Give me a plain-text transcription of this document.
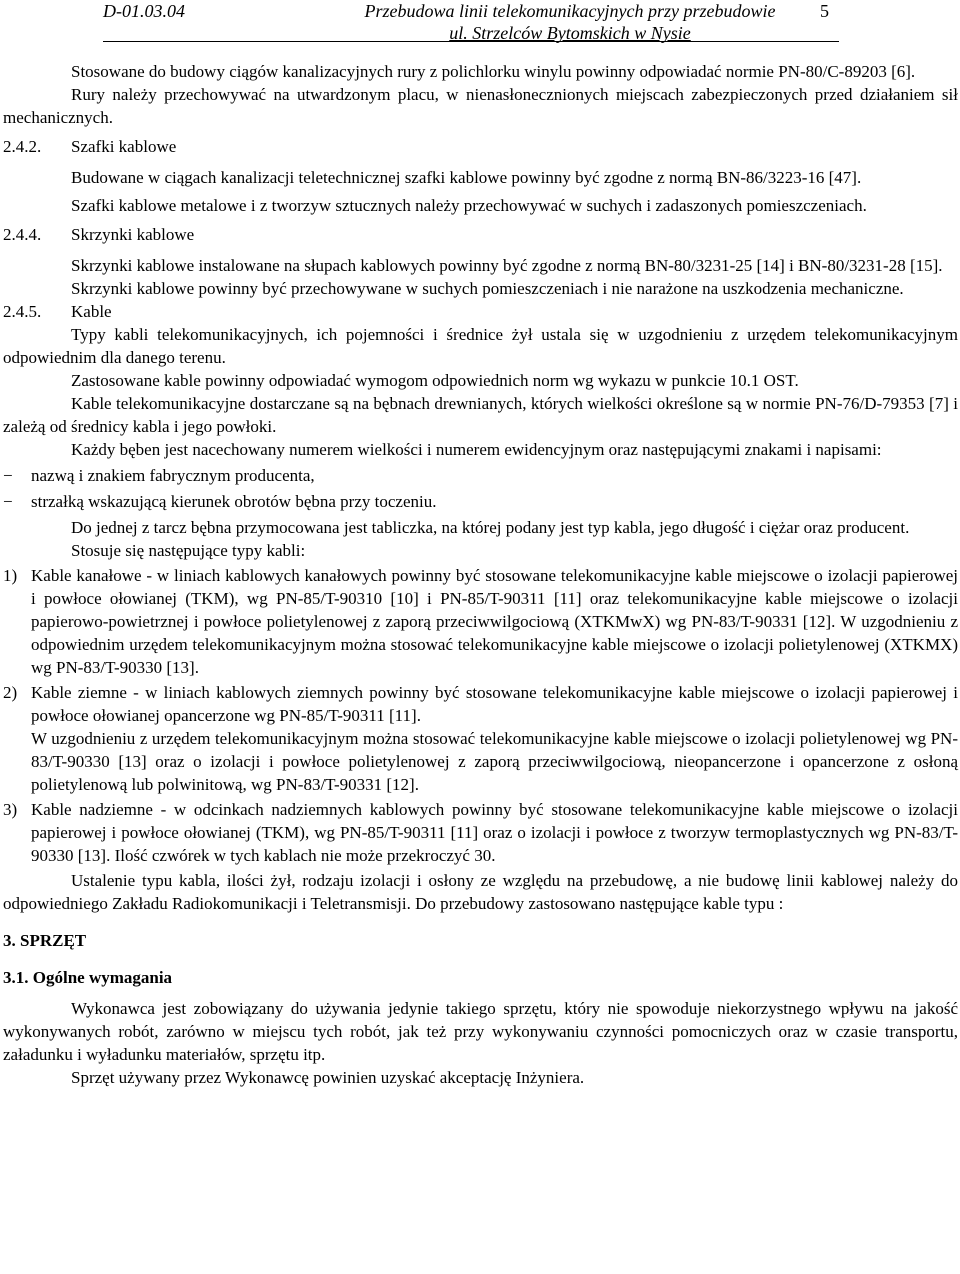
D-01.03.04	Przebudowa linii telekomunikacyjnych przy przebudowie
ul. Strzelców Bytomskich w Nysie
5

Stosowane do budowy ciągów kanalizacyjnych rury z polichlorku winylu powinny odpowiadać normie PN-80/C-89203 [6].

Rury należy przechowywać na utwardzonym placu, w nienasłonecznionych miejscach zabezpieczonych przed działaniem sił mechanicznych.

2.4.2. Szafki kablowe

Budowane w ciągach kanalizacji teletechnicznej szafki kablowe powinny być zgodne z normą BN-86/3223-16 [47].

Szafki kablowe metalowe i z tworzyw sztucznych należy przechowywać w suchych i zadaszonych pomieszczeniach.

2.4.4. Skrzynki kablowe

Skrzynki kablowe instalowane na słupach kablowych powinny być zgodne z normą BN-80/3231-25 [14] i BN-80/3231-28 [15].

Skrzynki kablowe powinny być przechowywane w suchych pomieszczeniach i nie narażone na uszkodzenia mechaniczne.

2.4.5. Kable

Typy kabli telekomunikacyjnych, ich pojemności i średnice żył ustala się w uzgodnieniu z urzędem telekomunikacyjnym odpowiednim dla danego terenu.

Zastosowane kable powinny odpowiadać wymogom odpowiednich norm wg wykazu w punkcie 10.1 OST.

Kable telekomunikacyjne dostarczane są na bębnach drewnianych, których wielkości określone są w normie PN-76/D-79353 [7] i zależą od średnicy kabla i jego powłoki.

Każdy bęben jest nacechowany numerem wielkości i numerem ewidencyjnym oraz następującymi znakami i napisami:

−	nazwą i znakiem fabrycznym producenta,
−	strzałką wskazującą kierunek obrotów bębna przy toczeniu.

Do jednej z tarcz bębna przymocowana jest tabliczka, na której podany jest typ kabla, jego długość i ciężar oraz producent.

Stosuje się następujące typy kabli:

1) Kable kanałowe - w liniach kablowych kanałowych powinny być stosowane telekomunikacyjne kable miejscowe o izolacji papierowej i powłoce ołowianej (TKM), wg PN-85/T-90310 [10] i PN-85/T-90311 [11] oraz telekomunikacyjne kable miejscowe o izolacji papierowo-powietrznej i powłoce polietylenowej z zaporą przeciwwilgociową (XTKMwX) wg PN-83/T-90331 [12]. W uzgodnieniu z odpowiednim urzędem telekomunikacyjnym można stosować telekomunikacyjne kable miejscowe o izolacji polietylenowej (XTKMX) wg PN-83/T-90330 [13].
2) Kable ziemne - w liniach kablowych ziemnych powinny być stosowane telekomunikacyjne kable miejscowe o izolacji papierowej i powłoce ołowianej opancerzone wg PN-85/T-90311 [11].
W uzgodnieniu z urzędem telekomunikacyjnym można stosować telekomunikacyjne kable miejscowe o izolacji polietylenowej wg PN-83/T-90330 [13] oraz o izolacji i powłoce polietylenowej z zaporą przeciwwilgociową, nieopancerzone i opancerzone z osłoną polietylenową lub polwinitową, wg PN-83/T-90331 [12].
3) Kable nadziemne - w odcinkach nadziemnych kablowych powinny być stosowane telekomunikacyjne kable miejscowe o izolacji papierowej i powłoce ołowianej (TKM), wg PN-85/T-90311 [11] oraz o izolacji i powłoce z tworzyw termoplastycznych wg PN-83/T-90330 [13]. Ilość czwórek w tych kablach nie może przekroczyć 30.

Ustalenie typu kabla, ilości żył, rodzaju izolacji i osłony ze względu na przebudowę, a nie budowę linii kablowej należy do odpowiedniego Zakładu Radiokomunikacji i Teletransmisji. Do przebudowy zastosowano następujące kable typu :

3. SPRZĘT

3.1. Ogólne wymagania

Wykonawca jest zobowiązany do używania jedynie takiego sprzętu, który nie spowoduje niekorzystnego wpływu na jakość wykonywanych robót, zarówno w miejscu tych robót, jak też przy wykonywaniu czynności pomocniczych oraz w czasie transportu, załadunku i wyładunku materiałów, sprzętu itp.

Sprzęt używany przez Wykonawcę powinien uzyskać akceptację Inżyniera.
